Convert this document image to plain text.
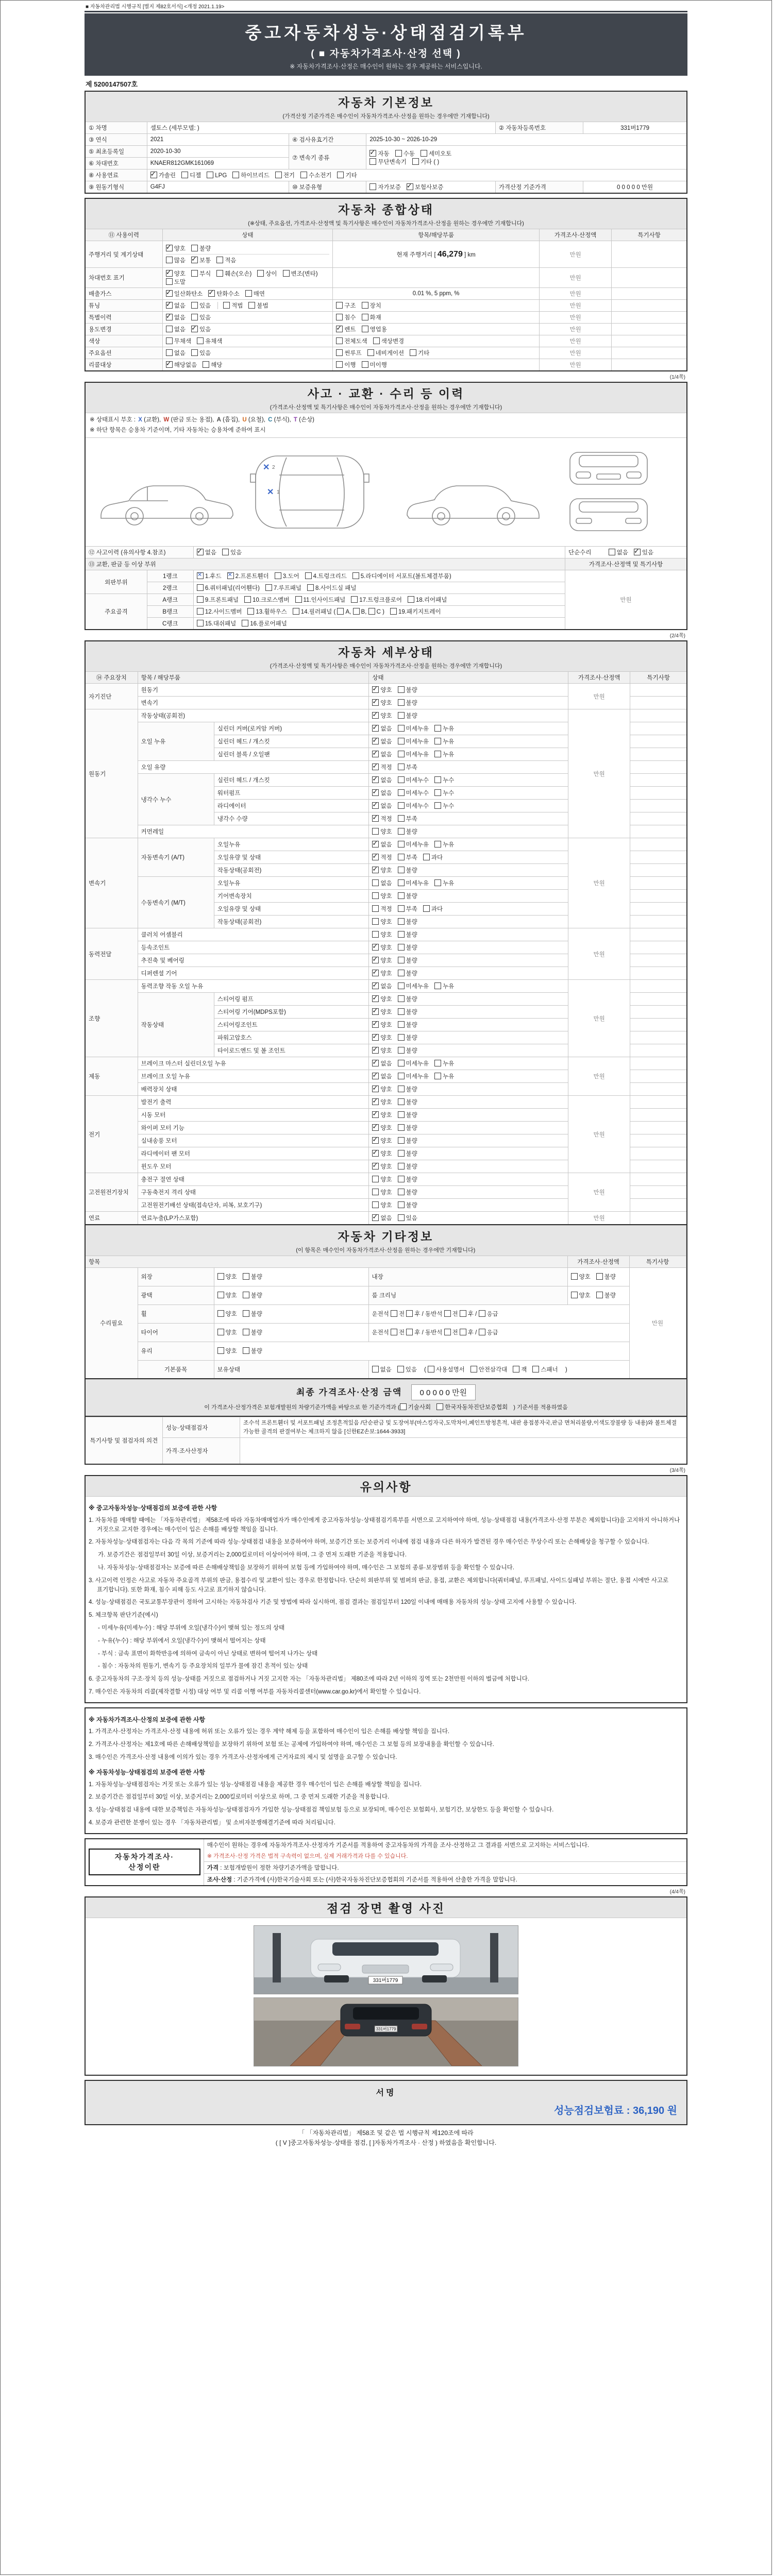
■ 자동차관리법 시행규칙 [별지 제82호서식] <개정 2021.1.19>
중고자동차성능·상태점검기록부
( ■ 자동차가격조사·산정 선택 )
※ 자동차가격조사·산정은 매수인이 원하는 경우 제공하는 서비스입니다.
제 5200147507호
자동차 기본정보
(가격산정 기준가격은 매수인이 자동차가격조사·산정을 원하는 경우에만 기재합니다)					

① 차명	셀토스 (세부모델: )			② 자동차등록번호	331버1779
③ 연식	2021	④ 검사유효기간	2025-10-30 ~ 2026-10-29		
⑤ 최초등록일	2020-10-30	⑦ 변속기 종류	
✓자동 수동 세미오토
무단변속기 기타 ( )

⑥ 차대번호	KNAER812GMK161069				
⑧ 사용연료	✓가솔린 디젤 LPG 하이브리드 전기 수소전기 기타
⑨ 원동기형식	G4FJ	⑩ 보증유형	자가보증 ✓ 보험사보증	가격산정 기준가격	0 0 0 0 0 만원
자동차 종합상태
(※상태, 주요옵션, 가격조사·산정액 및 특기사항은 매수인이 자동차가격조사·산정을 원하는 경우에만 기재합니다)				

⑪ 사용이력	상태	항목/해당부품	가격조사·산정액	특기사항
주행거리 및 계기상태	
✓양호 불량
많음 ✓ 보통 적음	현재 주행거리 [ 46,279 ] km	만원	
차대번호 표기	✓양호 부식 훼손(오손) 상이 변조(변타)도말		만원	
배출가스	✓일산화탄소 ✓ 탄화수소 매연	0.01 %, 5 ppm, %	만원	
튜닝	✓없음 있음 적법 불법	구조 장치	만원	
특별이력	✓없음 있음	침수 화재	만원	
용도변경	없음 ✓ 있음	✓렌트 영업용	만원	
색상	무채색 유채색	전체도색 색상변경	만원	
주요옵션	없음 있음	썬루프 네비게이션 기타	만원	
리콜대상	✓해당없음 해당	이행 미이행	만원	
(1/4쪽)
사고 · 교환 · 수리 등 이력
(가격조사·산정액 및 특기사항은 매수인이 자동차가격조사·산정을 원하는 경우에만 기재합니다)			

※ 상태표시 부호 : X (교환), W (판금 또는 용접), A (흠집), U (요철), C (부식), T (손상)
※ 하단 항목은 승용차 기준이며, 기타 자동차는 승용차에 준하여 표시
✕
✕
1
2

⑫ 사고이력 (유의사항 4.참조)	✓없음 있음	단순수리 없음 ✓ 있음
⑬ 교환, 판금 등 이상 부위			가격조사·산정액 및 특기사항
외판부위	1랭크	✕1.후드 ✕ 2.프론트휀더 3.도어 4.트렁크리드 5.라디에이터 서포트(볼트체결부품)	만원
	2랭크	6.쿼터패널(리어휀다) 7.루프패널 8.사이드실 패널	
주요골격	A랭크	9.프론트패널 10.크로스멤버 11.인사이드패널 17.트렁크플로어 18.리어패널	
	B랭크	12.사이드멤버 13.휠하우스 14.필러패널 ( A, B, C ) 19.패키지트레이	
	C랭크	15.대쉬패널 16.플로어패널	
(2/4쪽)
자동차 세부상태
(가격조사·산정액 및 특기사항은 매수인이 자동차가격조사·산정을 원하는 경우에만 기재합니다)					

⑭ 주요장치	항목 / 해당부품		상태	가격조사·산정액	특기사항
자기진단	원동기	✓양호 불량	만원	
	변속기	✓양호 불량	
원동기	작동상태(공회전)	✓양호 불량	만원	
	오일 누유	실린더 커버(로커암 커버)	✓없음 미세누유 누유	
		실린더 헤드 / 개스킷	✓없음 미세누유 누유	
		실린더 블록 / 오일팬	✓없음 미세누유 누유	
	오일 유량	✓적정 부족	
	냉각수 누수	실린더 헤드 / 개스킷	✓없음 미세누수 누수	
		워터펌프	✓없음 미세누수 누수	
		라디에이터	✓없음 미세누수 누수	
		냉각수 수량	✓적정 부족	
	커먼레일		양호 불량		
변속기	자동변속기 (A/T)	오일누유	✓없음 미세누유 누유	만원	
		오일유량 및 상태	✓적정 부족 과다	
		작동상태(공회전)	✓양호 불량	
	수동변속기 (M/T)	오일누유	없음 미세누유 누유		
		기어변속장치	양호 불량		
		오일유량 및 상태	적정 부족 과다		
		작동상태(공회전)	양호 불량		
동력전달	클러치 어셈블리		양호 불량	만원	
	등속조인트	✓양호 불량	
	추진축 및 베어링	✓양호 불량	
	디퍼렌셜 기어	✓양호 불량	
조향	동력조향 작동 오일 누유	✓없음 미세누유 누유	만원	
	작동상태	스티어링 펌프	✓양호 불량	
		스티어링 기어(MDPS포함)	✓양호 불량	
		스티어링조인트	✓양호 불량	
		파워고압호스	✓양호 불량	
		타이로드엔드 및 볼 조인트	✓양호 불량	
제동	브레이크 마스터 실린더오일 누유	✓없음 미세누유 누유	만원	
	브레이크 오일 누유	✓없음 미세누유 누유	
	배력장치 상태	✓양호 불량	
전기	발전기 출력	✓양호 불량	만원	
	시동 모터	✓양호 불량	
	와이퍼 모터 기능	✓양호 불량	
	실내송풍 모터	✓양호 불량	
	라디에이터 팬 모터	✓양호 불량	
	윈도우 모터	✓양호 불량	
고전원전기장치	충전구 절연 상태		양호 불량	만원	
	구동축전지 격리 상태		양호 불량		
	고전원전기배선 상태(접속단자, 피복, 보호기구)		양호 불량		
연료	연료누출(LP가스포함)	✓없음 있음	만원	
자동차 기타정보
(이 항목은 매수인이 자동차가격조사·산정을 원하는 경우에만 기재합니다)						

항목				가격조사·산정액	특기사항	
수리필요	외장	양호 불량	내장	양호 불량	만원	
	광택	양호 불량	룸 크리닝	양호 불량		
	휠	양호 불량	운전석 전 후 / 동반석 전 후 / 응급			
	타이어	양호 불량	운전석 전 후 / 동반석 전 후 / 응급			
	유리	양호 불량				
	기본품목	보유상태	없음 있음 ( 사용설명서 안전삼각대 잭 스패너 )			
최종 가격조사·산정 금액 0 0 0 0 0 만원
이 가격조사·산정가격은 보험개발원의 차량기준가액을 바탕으로 한 기준가격과 ( 기술사회 한국자동차진단보증협회 ) 기준서를 적용하였음
특기사항 및 점검자의 의견	성능·상태점검자	조수석 프론트휀더 및 서포트패널 조정흔적있음 /단순판금 및 도장여부(마스킹자국,도막차이,페인트방청흔적, 내판 용접봉자국,판금 면처리불량,이색도장불량 등 내용)와 볼트체결 가능한 골격의 판결여부는 체크하지 않음 [신한EZ손보:1644-3933]
	가격·조사산정자	
(3/4쪽)
유의사항

※ 중고자동차성능·상태점검의 보증에 관한 사항
1. 자동차를 매매할 때에는 「자동차관리법」 제58조에 따라 자동차매매업자가 매수인에게 중고자동차성능·상태점검기록부를 서면으로 고지하여야 하며, 성능·상태점검 내용(가격조사·산정 부분은 제외합니다)을 고지하지 아니하거나 거짓으로 고지한 경우에는 매수인이 입은 손해를 배상할 책임을 집니다.
2. 자동차성능·상태점검자는 다음 각 목의 기준에 따라 성능·상태점검 내용을 보증하여야 하며, 보증기간 또는 보증거리 이내에 점검 내용과 다른 하자가 발견된 경우 매수인은 무상수리 또는 손해배상을 청구할 수 있습니다.
가. 보증기간은 점검일부터 30일 이상, 보증거리는 2,000킬로미터 이상이어야 하며, 그 중 먼저 도래한 기준을 적용합니다.
나. 자동차성능·상태점검자는 보증에 따른 손해배상책임을 보장하기 위하여 보험 등에 가입하여야 하며, 매수인은 그 보험의 종류·보장범위 등을 확인할 수 있습니다.
3. 사고이력 인정은 사고로 자동차 주요골격 부위의 판금, 용접수리 및 교환이 있는 경우로 한정합니다. 단순히 외판부위 및 범퍼의 판금, 용접, 교환은 제외합니다(쿼터패널, 루프패널, 사이드실패널 부위는 절단, 용접 시에만 사고로 표기합니다). 또한 화재, 침수 피해 등도 사고로 표기하지 않습니다.
4. 성능·상태점검은 국토교통부장관이 정하여 고시하는 자동차검사 기준 및 방법에 따라 실시하며, 점검 결과는 점검일부터 120일 이내에 매매용 자동차의 성능·상태 고지에 사용할 수 있습니다.
5. 체크항목 판단기준(예시)
- 미세누유(미세누수) : 해당 부위에 오일(냉각수)이 맺혀 있는 정도의 상태
- 누유(누수) : 해당 부위에서 오일(냉각수)이 맺혀서 떨어지는 상태
- 부식 : 금속 표면이 화학반응에 의하여 금속이 아닌 상태로 변하여 떨어져 나가는 상태
- 침수 : 자동차의 원동기, 변속기 등 주요장치의 일부가 물에 잠긴 흔적이 있는 상태
6. 중고자동차의 구조·장치 등의 성능·상태를 거짓으로 점검하거나 거짓 고지한 자는 「자동차관리법」 제80조에 따라 2년 이하의 징역 또는 2천만원 이하의 벌금에 처합니다.
7. 매수인은 자동차의 리콜(제작결함 시정) 대상 여부 및 리콜 이행 여부를 자동차리콜센터(www.car.go.kr)에서 확인할 수 있습니다.
※ 자동차가격조사·산정의 보증에 관한 사항
1. 가격조사·산정자는 가격조사·산정 내용에 허위 또는 오류가 있는 경우 계약 해제 등을 포함하여 매수인이 입은 손해를 배상할 책임을 집니다.
2. 가격조사·산정자는 제1호에 따른 손해배상책임을 보장하기 위하여 보험 또는 공제에 가입하여야 하며, 매수인은 그 보험 등의 보장내용을 확인할 수 있습니다.
3. 매수인은 가격조사·산정 내용에 이의가 있는 경우 가격조사·산정자에게 근거자료의 제시 및 설명을 요구할 수 있습니다.
※ 자동차성능·상태점검의 보증에 관한 사항
1. 자동차성능·상태점검자는 거짓 또는 오류가 있는 성능·상태점검 내용을 제공한 경우 매수인이 입은 손해를 배상할 책임을 집니다.
2. 보증기간은 점검일부터 30일 이상, 보증거리는 2,000킬로미터 이상으로 하며, 그 중 먼저 도래한 기준을 적용합니다.
3. 성능·상태점검 내용에 대한 보증책임은 자동차성능·상태점검자가 가입한 성능·상태점검 책임보험 등으로 보장되며, 매수인은 보험회사, 보험기간, 보상한도 등을 확인할 수 있습니다.
4. 보증과 관련한 분쟁이 있는 경우 「자동차관리법」 및 소비자분쟁해결기준에 따라 처리됩니다.
자동차가격조사·산정이란	매수인이 원하는 경우에 자동차가격조사·산정자가 기준서를 적용하여 중고자동차의 가격을 조사·산정하고 그 결과를 서면으로 고지하는 서비스입니다.
※ 가격조사·산정 가격은 법적 구속력이 없으며, 실제 거래가격과 다를 수 있습니다.

가격 : 보험개발원이 정한 차량기준가액을 말합니다.
조사·산정 : 기준가격에 (사)한국기술사회 또는 (사)한국자동차진단보증협회의 기준서를 적용하여 산출한 가격을 말합니다.
(4/4쪽)
점검 장면 촬영 사진

331버1779
331버1779
서명
성능점검보험료 : 36,190 원
「 「자동차관리법」 제58조 및 같은 법 시행규칙 제120조에 따라
( [ V ]중고자동차성능·상태를 점검, [ ]자동차가격조사 · 산정 ) 하였음을 확인합니다.
